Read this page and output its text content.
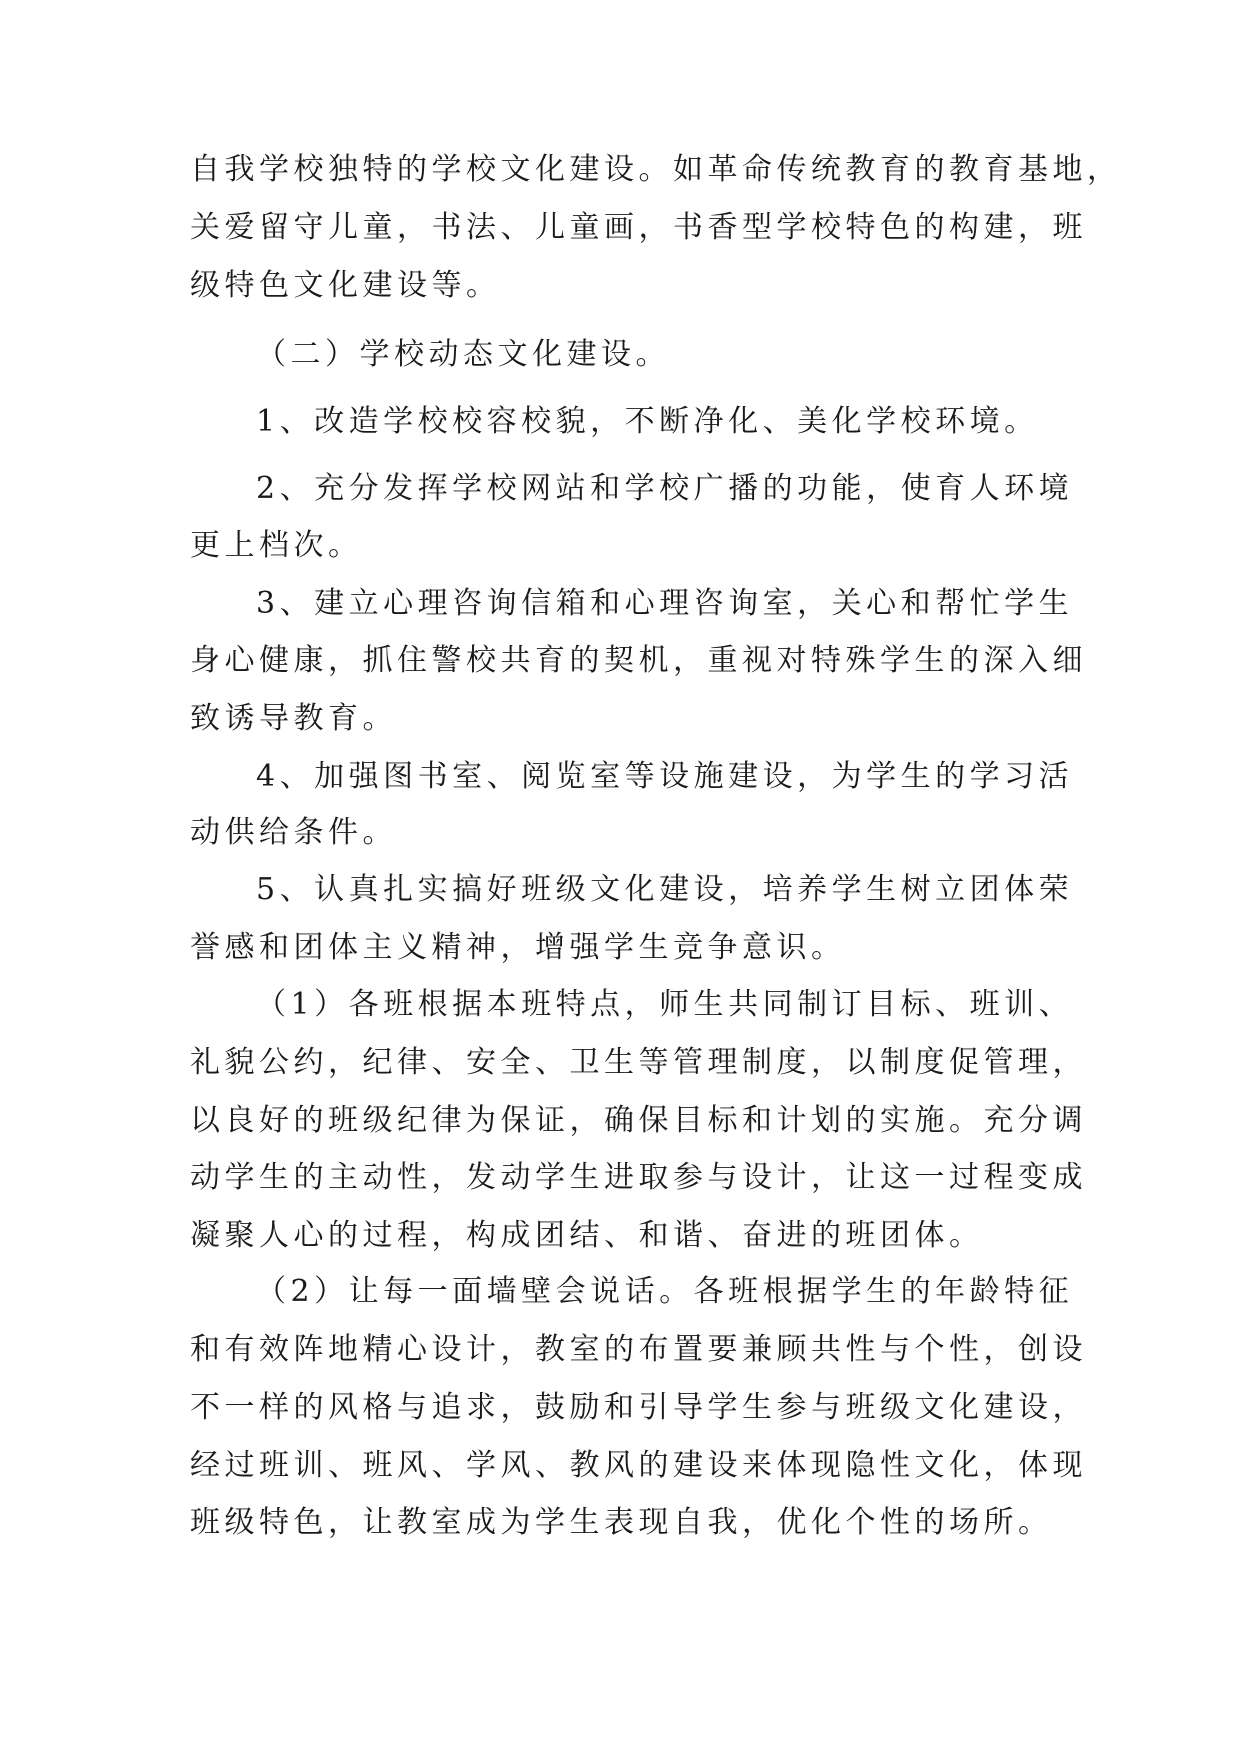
自我学校独特的学校文化建设。如革命传统教育的教育基地，
关爱留守儿童，书法、儿童画，书香型学校特色的构建，班
级特色文化建设等。
（二）学校动态文化建设。
1、改造学校校容校貌，不断净化、美化学校环境。
2、充分发挥学校网站和学校广播的功能，使育人环境
更上档次。
3、建立心理咨询信箱和心理咨询室，关心和帮忙学生
身心健康，抓住警校共育的契机，重视对特殊学生的深入细
致诱导教育。
4、加强图书室、阅览室等设施建设，为学生的学习活
动供给条件。
5、认真扎实搞好班级文化建设，培养学生树立团体荣
誉感和团体主义精神，增强学生竞争意识。
（1）各班根据本班特点，师生共同制订目标、班训、
礼貌公约，纪律、安全、卫生等管理制度，以制度促管理，
以良好的班级纪律为保证，确保目标和计划的实施。充分调
动学生的主动性，发动学生进取参与设计，让这一过程变成
凝聚人心的过程，构成团结、和谐、奋进的班团体。
（2）让每一面墙壁会说话。各班根据学生的年龄特征
和有效阵地精心设计，教室的布置要兼顾共性与个性，创设
不一样的风格与追求，鼓励和引导学生参与班级文化建设，
经过班训、班风、学风、教风的建设来体现隐性文化，体现
班级特色，让教室成为学生表现自我，优化个性的场所。
